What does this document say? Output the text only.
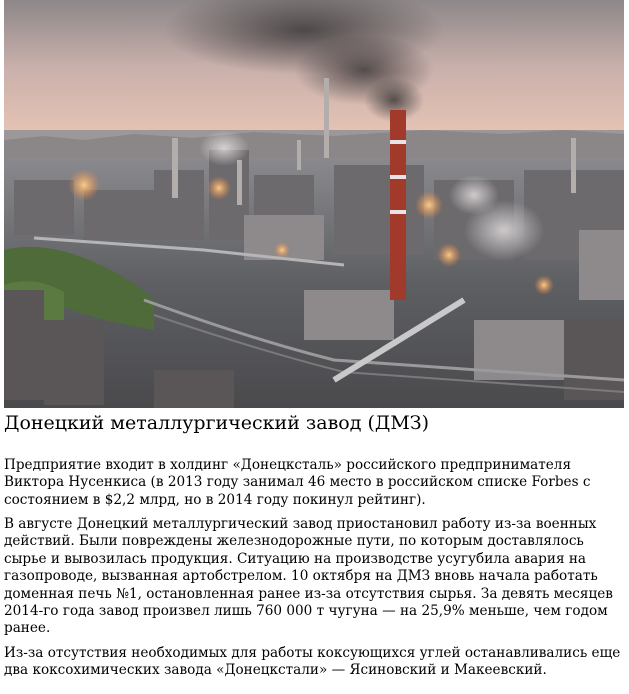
Донецкий металлургический завод (ДМЗ)

Предприятие входит в холдинг «Донецксталь» российского предпринимателя Виктора Нусенкиса (в 2013 году занимал 46 место в российском списке Forbes с состоянием в $2,2 млрд, но в 2014 году покинул рейтинг).

В августе Донецкий металлургический завод приостановил работу из-за военных действий. Были повреждены железнодорожные пути, по которым доставлялось сырье и вывозилась продукция. Ситуацию на производстве усугубила авария на газопроводе, вызванная артобстрелом. 10 октября на ДМЗ вновь начала работать доменная печь №1, остановленная ранее из-за отсутствия сырья. За девять месяцев 2014-го года завод произвел лишь 760 000 т чугуна — на 25,9% меньше, чем годом ранее.

Из-за отсутствия необходимых для работы коксующихся углей останавливались еще два коксохимических завода «Донецкстали» — Ясиновский и Макеевский.
